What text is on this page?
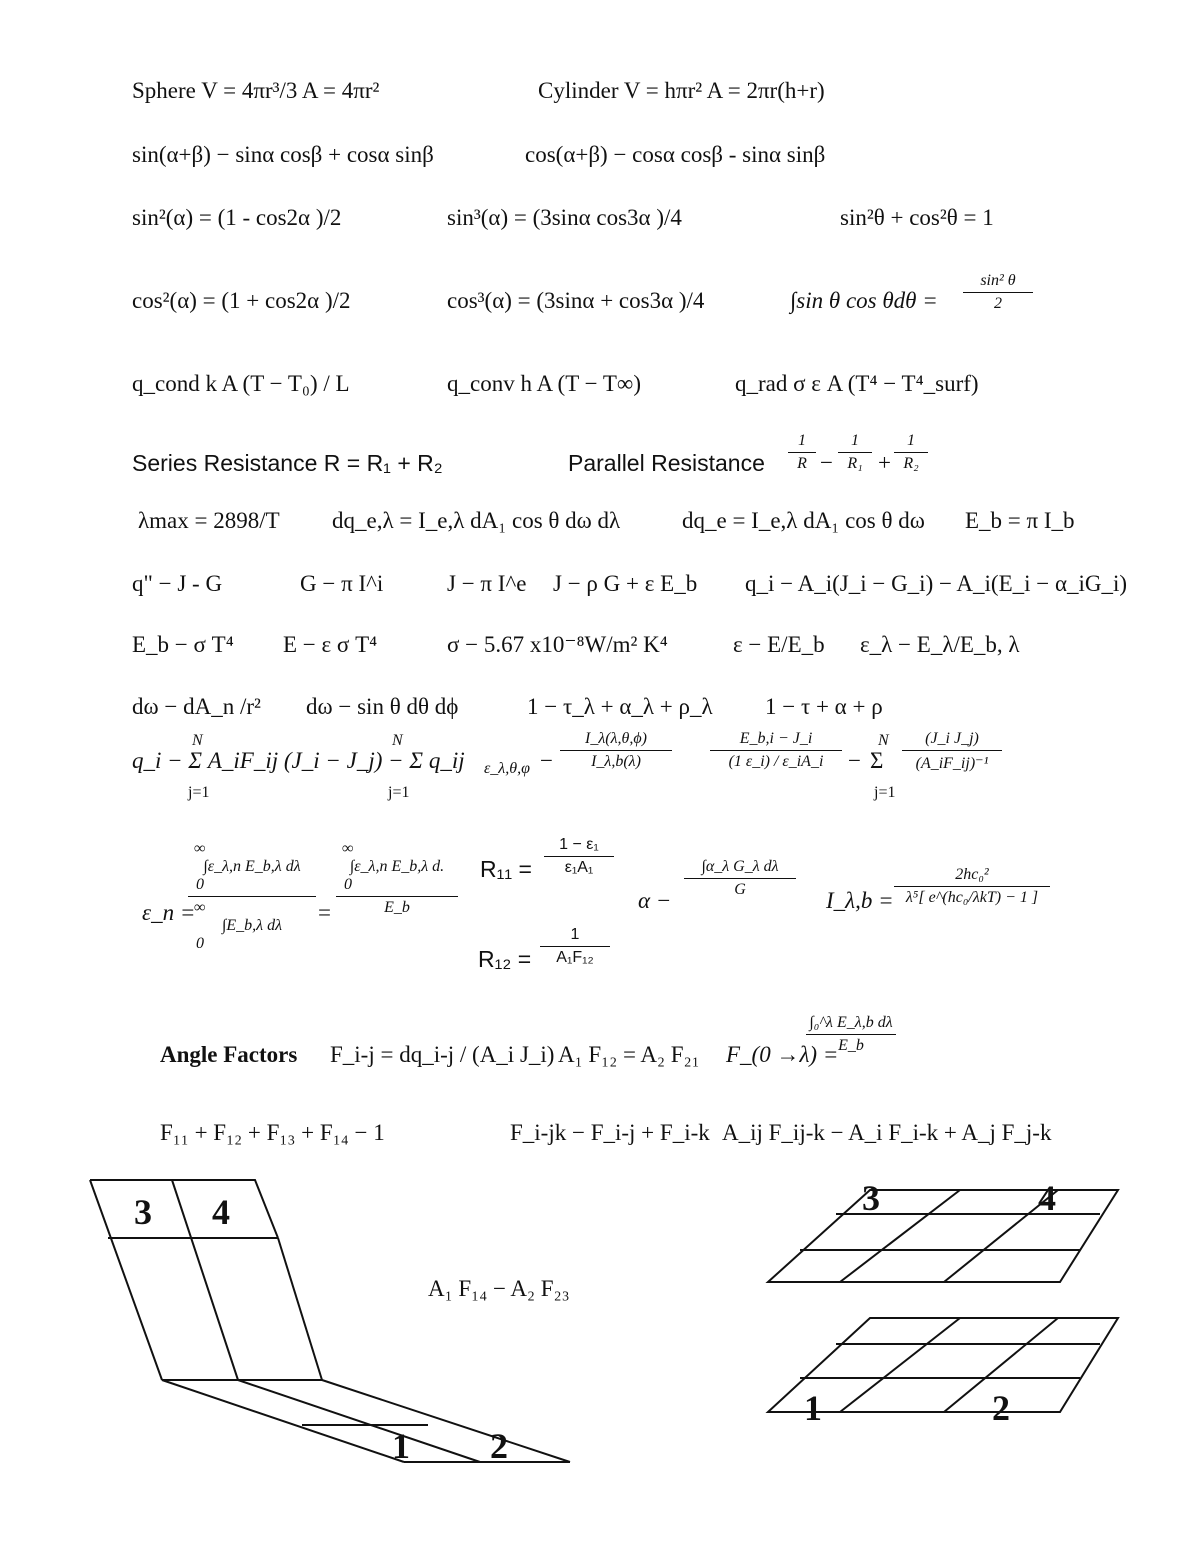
Sphere V = 4πr³/3 A = 4πr²	Cylinder V = hπr² A = 2πr(h+r)
sin(α+β) − sinα cosβ + cosα sinβ	cos(α+β) − cosα cosβ - sinα sinβ
sin²(α) = (1 - cos2α )/2	sin³(α) = (3sinα cos3α )/4	sin²θ + cos²θ = 1
cos²(α) = (1 + cos2α )/2	cos³(α) = (3sinα + cos3α )/4	∫sin θ cos θdθ =
sin² θ
2
q_cond k A (T − T₀) / L	q_conv h A (T − T∞)	q_rad σ ε A (T⁴ − T⁴_surf)
Series Resistance R = R₁ + R₂	Parallel Resistance
1
R −
1
R₁ +
1
R₂
λmax = 2898/T dq_e,λ = I_e,λ dA₁ cos θ dω dλ	dq_e = I_e,λ dA₁ cos θ dω E_b = π I_b
q" − J - G	G − π I^i	J − π I^e J − ρ G + ε E_b q_i − A_i(J_i − G_i) − A_i(E_i − α_iG_i)
E_b − σ T⁴ E − ε σ T⁴	σ − 5.67 x10⁻⁸W/m² K⁴	ε − E/E_b ε_λ − E_λ/E_b, λ
dω − dA_n /r² dω − sin θ dθ dϕ	1 − τ_λ + α_λ + ρ_λ 1 − τ + α + ρ
q_i − Σ A_iF_ij (J_i − J_j) − Σ q_ij
N
j=1
N
j=1
ε_λ,θ,φ −
I_λ(λ,θ,ϕ)
I_λ,b(λ)
E_b,i − J_i
(1 ε_i) / ε_iA_i	− Σ
N
j=1
(J_i J_j)
(A_iF_ij)⁻¹
ε_n =
∞
∫ε_λ,n E_b,λ dλ
0
∞
∫E_b,λ dλ
0
=
∞
∫ε_λ,n E_b,λ d.
0
E_b
R₁₁ =
1 − ε₁
ε₁A₁
α −
∫α_λ G_λ dλ
G	I_λ,b =
2hc₀²
λ⁵[ e^(hc₀/λkT) − 1 ]
R₁₂ =
1
A₁F₁₂
Angle Factors F_i-j = dq_i-j / (A_i J_i) A₁ F₁₂ = A₂ F₂₁ F_(0 →λ) =
∫₀^λ E_λ,b dλ
E_b
F₁₁ + F₁₂ + F₁₃ + F₁₄ − 1	F_i-jk − F_i-j + F_i-k A_ij F_ij-k − A_i F_i-k + A_j F_j-k
A₁ F₁₄ − A₂ F₂₃
3 4
1 2
3	4
1	2
